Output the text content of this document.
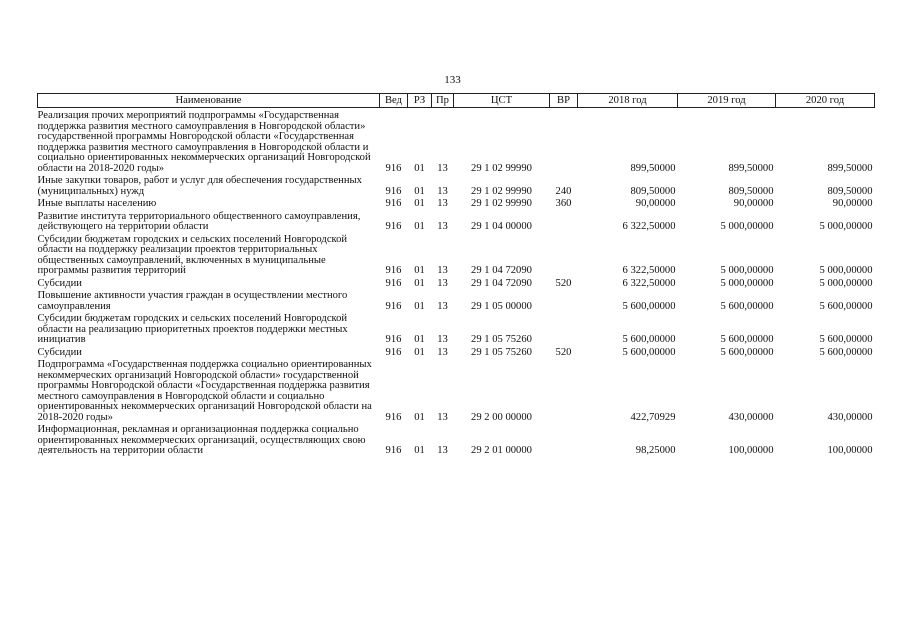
133
Наименование	Вед	РЗ	Пр	ЦСТ	ВР	2018 год	2019 год	2020 год
Реализация прочих мероприятий подпрограммы «Государственная поддержка развития местного самоуправления в Новгородской области» государственной программы Новгородской области «Государственная поддержка развития местного самоуправления в Новгородской области и социально ориентированных некоммерческих организаций Новгородской области на 2018-2020 годы»	916	01	13	29 1 02 99990		899,50000	899,50000	899,50000
Иные закупки товаров, работ и услуг для обеспечения государственных (муниципальных) нужд	916	01	13	29 1 02 99990	240	809,50000	809,50000	809,50000
Иные выплаты населению	916	01	13	29 1 02 99990	360	90,00000	90,00000	90,00000
Развитие института территориального общественного самоуправления, действующего на территории области	916	01	13	29 1 04 00000		6 322,50000	5 000,00000	5 000,00000
Субсидии бюджетам городских и сельских поселений Новгородской области на поддержку реализации проектов территориальных общественных самоуправлений, включенных в муниципальные программы развития территорий	916	01	13	29 1 04 72090		6 322,50000	5 000,00000	5 000,00000
Субсидии	916	01	13	29 1 04 72090	520	6 322,50000	5 000,00000	5 000,00000
Повышение активности участия граждан в осуществлении местного самоуправления	916	01	13	29 1 05 00000		5 600,00000	5 600,00000	5 600,00000
Субсидии бюджетам городских и сельских поселений Новгородской области на реализацию приоритетных проектов поддержки местных инициатив	916	01	13	29 1 05 75260		5 600,00000	5 600,00000	5 600,00000
Субсидии	916	01	13	29 1 05 75260	520	5 600,00000	5 600,00000	5 600,00000
Подпрограмма «Государственная поддержка социально ориентированных некоммерческих организаций Новгородской области» государственной программы Новгородской области «Государственная поддержка развития местного самоуправления в Новгородской области и социально ориентированных некоммерческих организаций Новгородской области на 2018-2020 годы»	916	01	13	29 2 00 00000		422,70929	430,00000	430,00000
Информационная, рекламная и организационная поддержка социально ориентированных некоммерческих организаций, осуществляющих свою деятельность на территории области	916	01	13	29 2 01 00000		98,25000	100,00000	100,00000
